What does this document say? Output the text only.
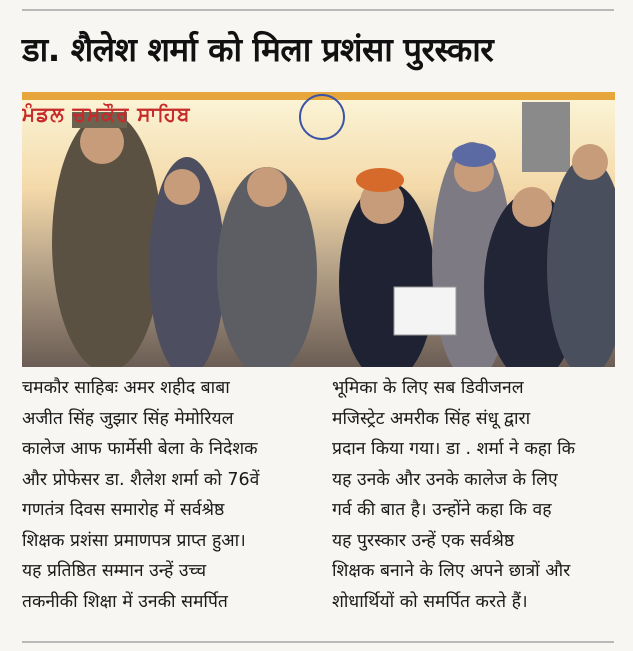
डा. शैलेश शर्मा को मिला प्रशंसा पुरस्कार
ਮੰਡਲ ਚਮਕੌਰ ਸਾਹਿਬ

चमकौर साहिबः अमर शहीद बाबा

अजीत सिंह जुझार सिंह मेमोरियल

कालेज आफ फार्मेसी बेला के निदेशक

और प्रोफेसर डा. शैलेश शर्मा को 76वें

गणतंत्र दिवस समारोह में सर्वश्रेष्ठ

शिक्षक प्रशंसा प्रमाणपत्र प्राप्त हुआ।

यह प्रतिष्ठित सम्मान उन्हें उच्च

तकनीकी शिक्षा में उनकी समर्पित

भूमिका के लिए सब डिवीजनल

मजिस्ट्रेट अमरीक सिंह संधू द्वारा

प्रदान किया गया। डा . शर्मा ने कहा कि

यह उनके और उनके कालेज के लिए

गर्व की बात है। उन्होंने कहा कि वह

यह पुरस्कार उन्हें एक सर्वश्रेष्ठ

शिक्षक बनाने के लिए अपने छात्रों और

शोधार्थियों को समर्पित करते हैं।
